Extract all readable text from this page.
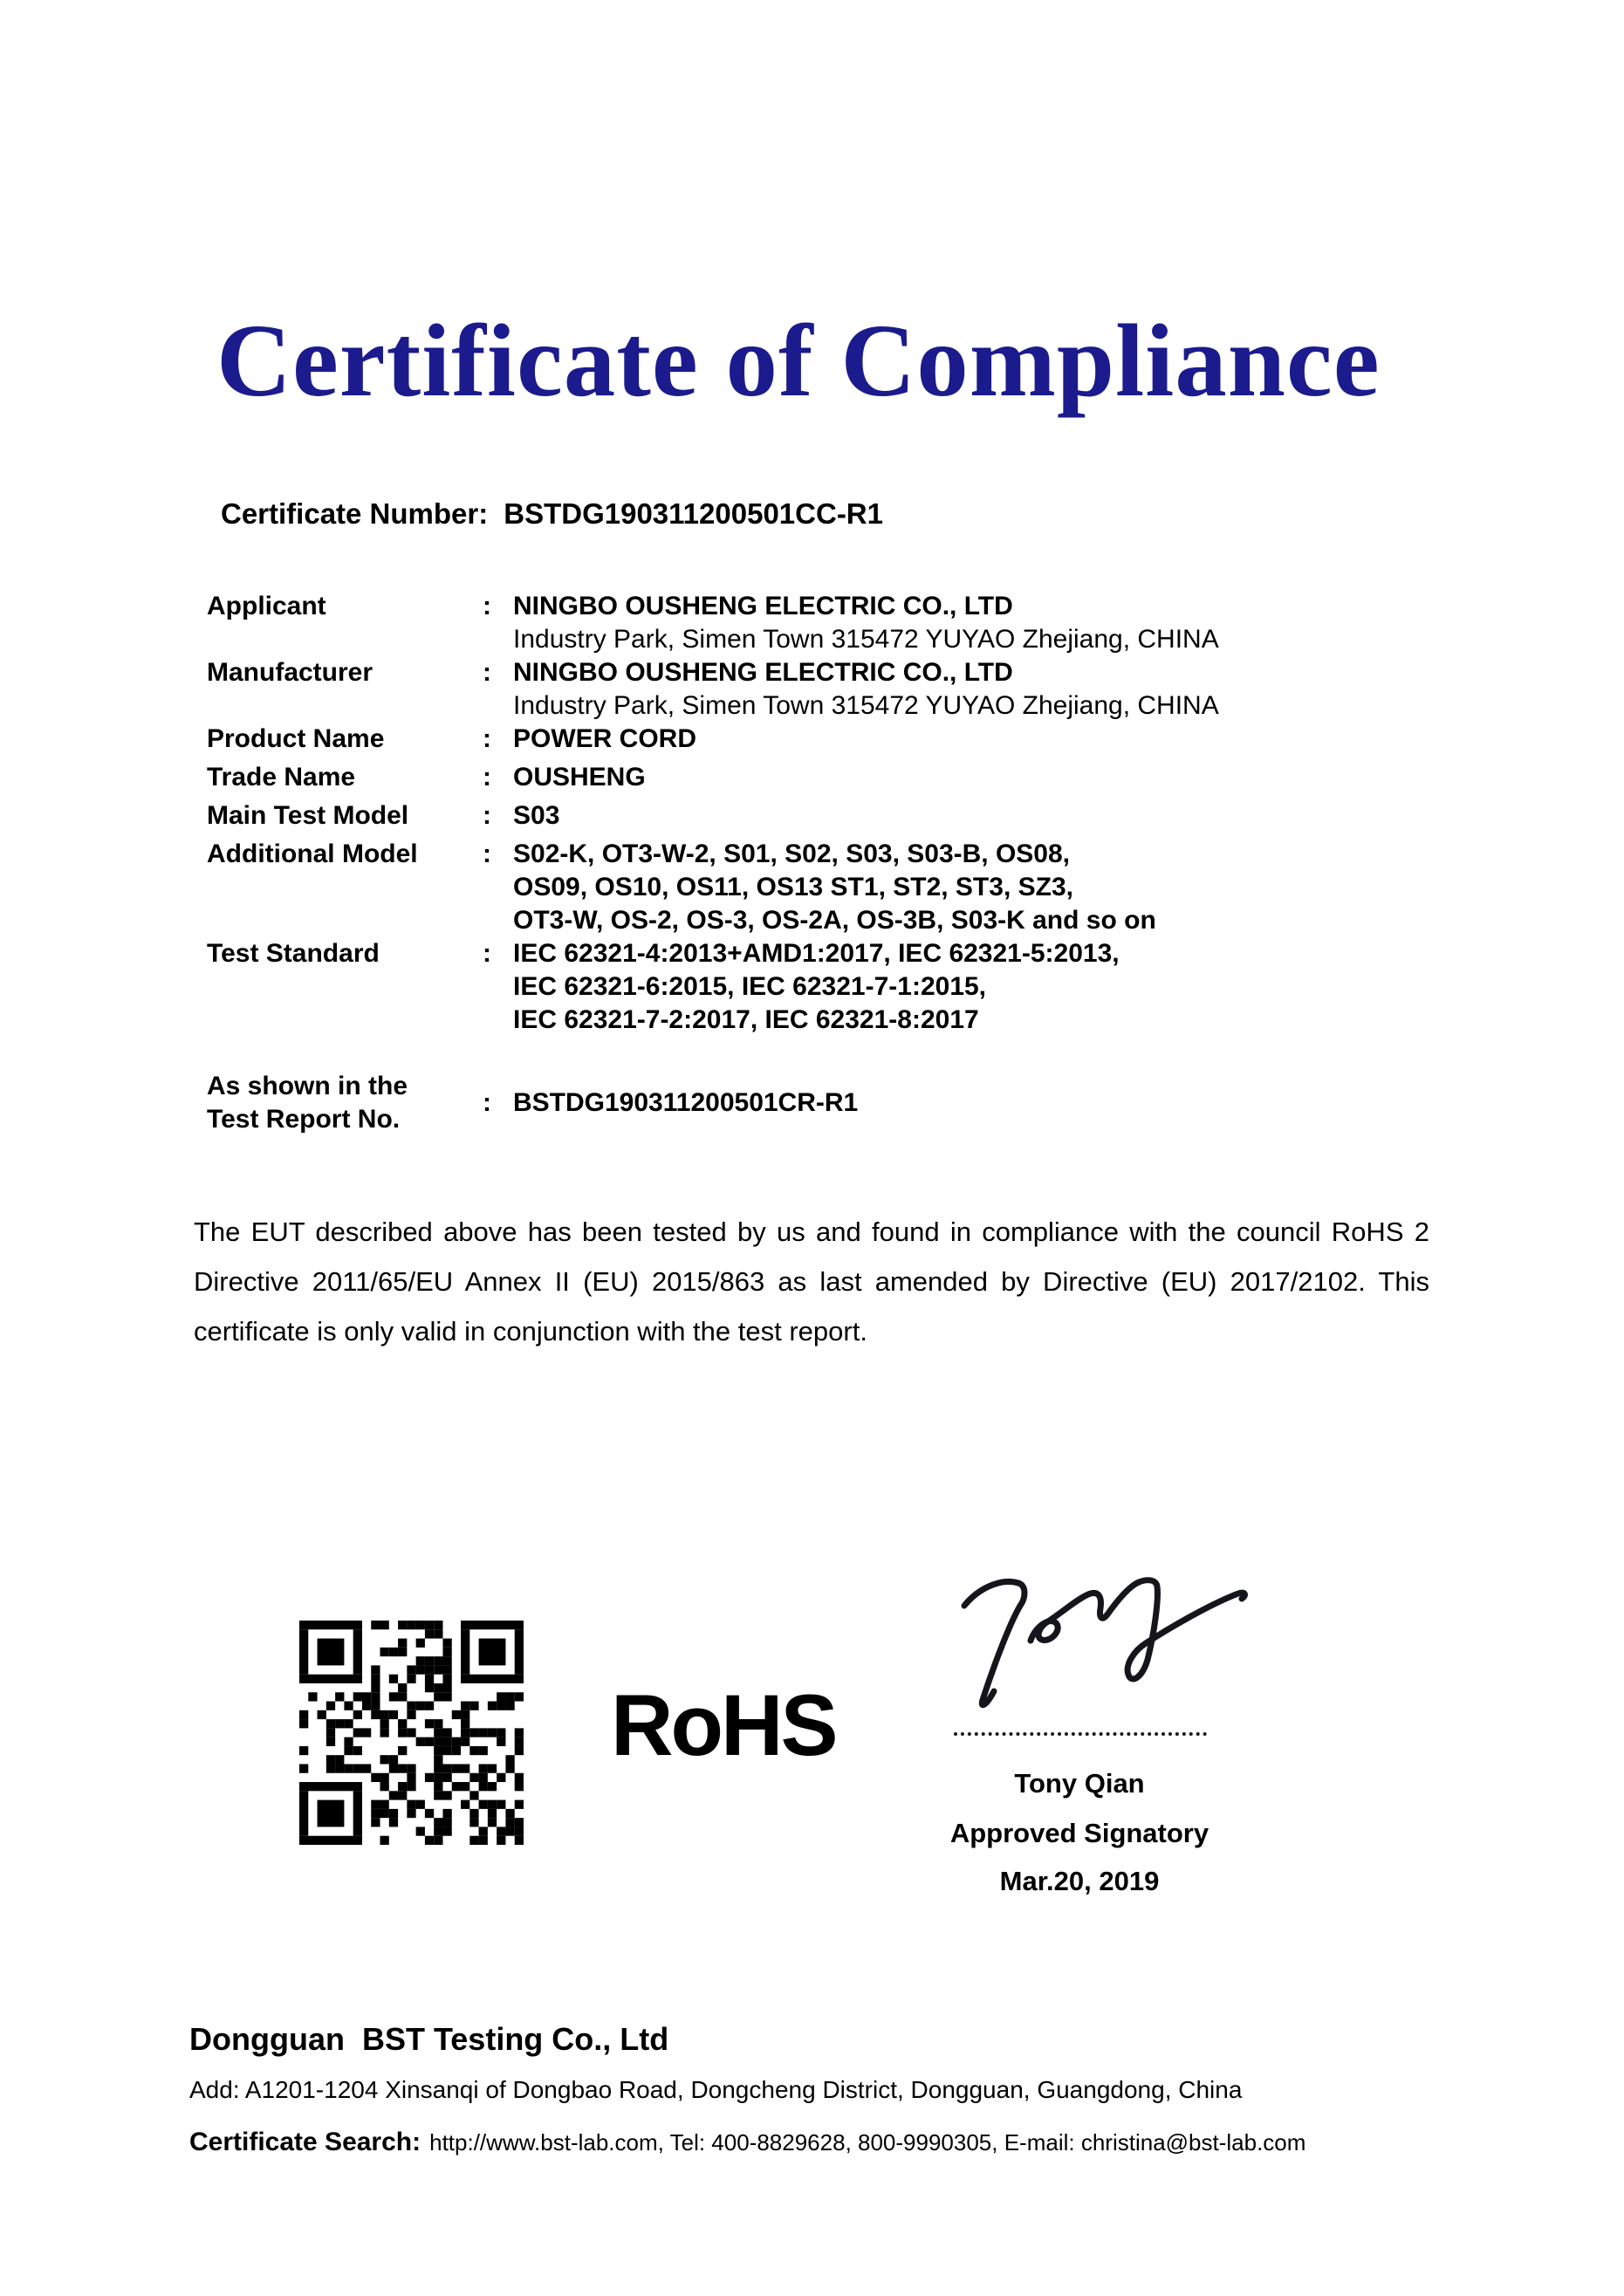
Certificate of Compliance
Certificate Number: BSTDG190311200501CC-R1
Applicant	: NINGBO OUSHENG ELECTRIC CO., LTD
Industry Park, Simen Town 315472 YUYAO Zhejiang, CHINA
Manufacturer	: NINGBO OUSHENG ELECTRIC CO., LTD
Industry Park, Simen Town 315472 YUYAO Zhejiang, CHINA
Product Name	: POWER CORD
Trade Name	: OUSHENG
Main Test Model	: S03
Additional Model	: S02-K, OT3-W-2, S01, S02, S03, S03-B, OS08,
OS09, OS10, OS11, OS13 ST1, ST2, ST3, SZ3,
OT3-W, OS-2, OS-3, OS-2A, OS-3B, S03-K and so on
Test Standard	: IEC 62321-4:2013+AMD1:2017, IEC 62321-5:2013,
IEC 62321-6:2015, IEC 62321-7-1:2015,
IEC 62321-7-2:2017, IEC 62321-8:2017
As shown in the
Test Report No.
: BSTDG190311200501CR-R1

The EUT described above has been tested by us and found in compliance with the council RoHS 2 Directive 2011/65/EU Annex II (EU) 2015/863 as last amended by Directive (EU) 2017/2102. This certificate is only valid in conjunction with the test report.

RoHS
Tony Qian
Approved Signatory
Mar.20, 2019
Dongguan  BST Testing Co., Ltd
Add: A1201-1204 Xinsanqi of Dongbao Road, Dongcheng District, Dongguan, Guangdong, China
Certificate Search: http://www.bst-lab.com, Tel: 400-8829628, 800-9990305, E-mail: christina@bst-lab.com
